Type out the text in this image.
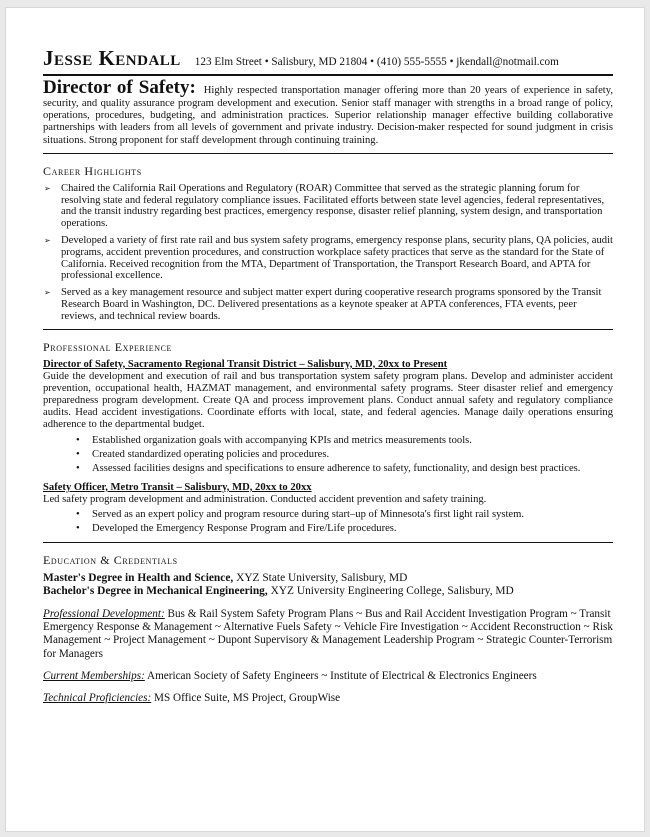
Jesse Kendall 123 Elm Street • Salisbury, MD 21804 • (410) 555-5555 • jkendall@notmail.com
Director of Safety: Highly respected transportation manager offering more than 20 years of experience in safety, security, and quality assurance program development and execution. Senior staff manager with strengths in a broad range of policy, operations, procedures, budgeting, and administration practices. Superior relationship manager effective building collaborative partnerships with leaders from all levels of government and private industry. Decision-maker respected for sound judgment in crisis situations. Strong proponent for staff development through continuing training.
Career Highlights
➢ Chaired the California Rail Operations and Regulatory (ROAR) Committee that served as the strategic planning forum for resolving state and federal regulatory compliance issues. Facilitated efforts between state level agencies, federal representatives, and the transit industry regarding best practices, emergency response, disaster relief planning, system design, and transportation operations.
➢ Developed a variety of first rate rail and bus system safety programs, emergency response plans, security plans, QA policies, audit programs, accident prevention procedures, and construction workplace safety practices that serve as the standard for the State of California. Received recognition from the MTA, Department of Transportation, the Transport Research Board, and APTA for professional excellence.
➢ Served as a key management resource and subject matter expert during cooperative research programs sponsored by the Transit Research Board in Washington, DC. Delivered presentations as a keynote speaker at APTA conferences, FTA events, peer reviews, and technical review boards.
Professional Experience
Director of Safety, Sacramento Regional Transit District – Salisbury, MD, 20xx to Present
Guide the development and execution of rail and bus transportation system safety program plans. Develop and administer accident prevention, occupational health, HAZMAT management, and environmental safety programs. Steer disaster relief and emergency preparedness program development. Create QA and process improvement plans. Conduct annual safety and regulatory compliance audits. Head accident investigations. Coordinate efforts with local, state, and federal agencies. Manage daily operations ensuring adherence to the departmental budget.
• Established organization goals with accompanying KPIs and metrics measurements tools.
• Created standardized operating policies and procedures.
• Assessed facilities designs and specifications to ensure adherence to safety, functionality, and design best practices.
Safety Officer, Metro Transit – Salisbury, MD, 20xx to 20xx
Led safety program development and administration. Conducted accident prevention and safety training.
• Served as an expert policy and program resource during start–up of Minnesota's first light rail system.
• Developed the Emergency Response Program and Fire/Life procedures.
Education & Credentials
Master's Degree in Health and Science, XYZ State University, Salisbury, MD
Bachelor's Degree in Mechanical Engineering, XYZ University Engineering College, Salisbury, MD
Professional Development: Bus & Rail System Safety Program Plans ~ Bus and Rail Accident Investigation Program ~ Transit Emergency Response & Management ~ Alternative Fuels Safety ~ Vehicle Fire Investigation ~ Accident Reconstruction ~ Risk Management ~ Project Management ~ Dupont Supervisory & Management Leadership Program ~ Strategic Counter-Terrorism for Managers
Current Memberships: American Society of Safety Engineers ~ Institute of Electrical & Electronics Engineers
Technical Proficiencies: MS Office Suite, MS Project, GroupWise
